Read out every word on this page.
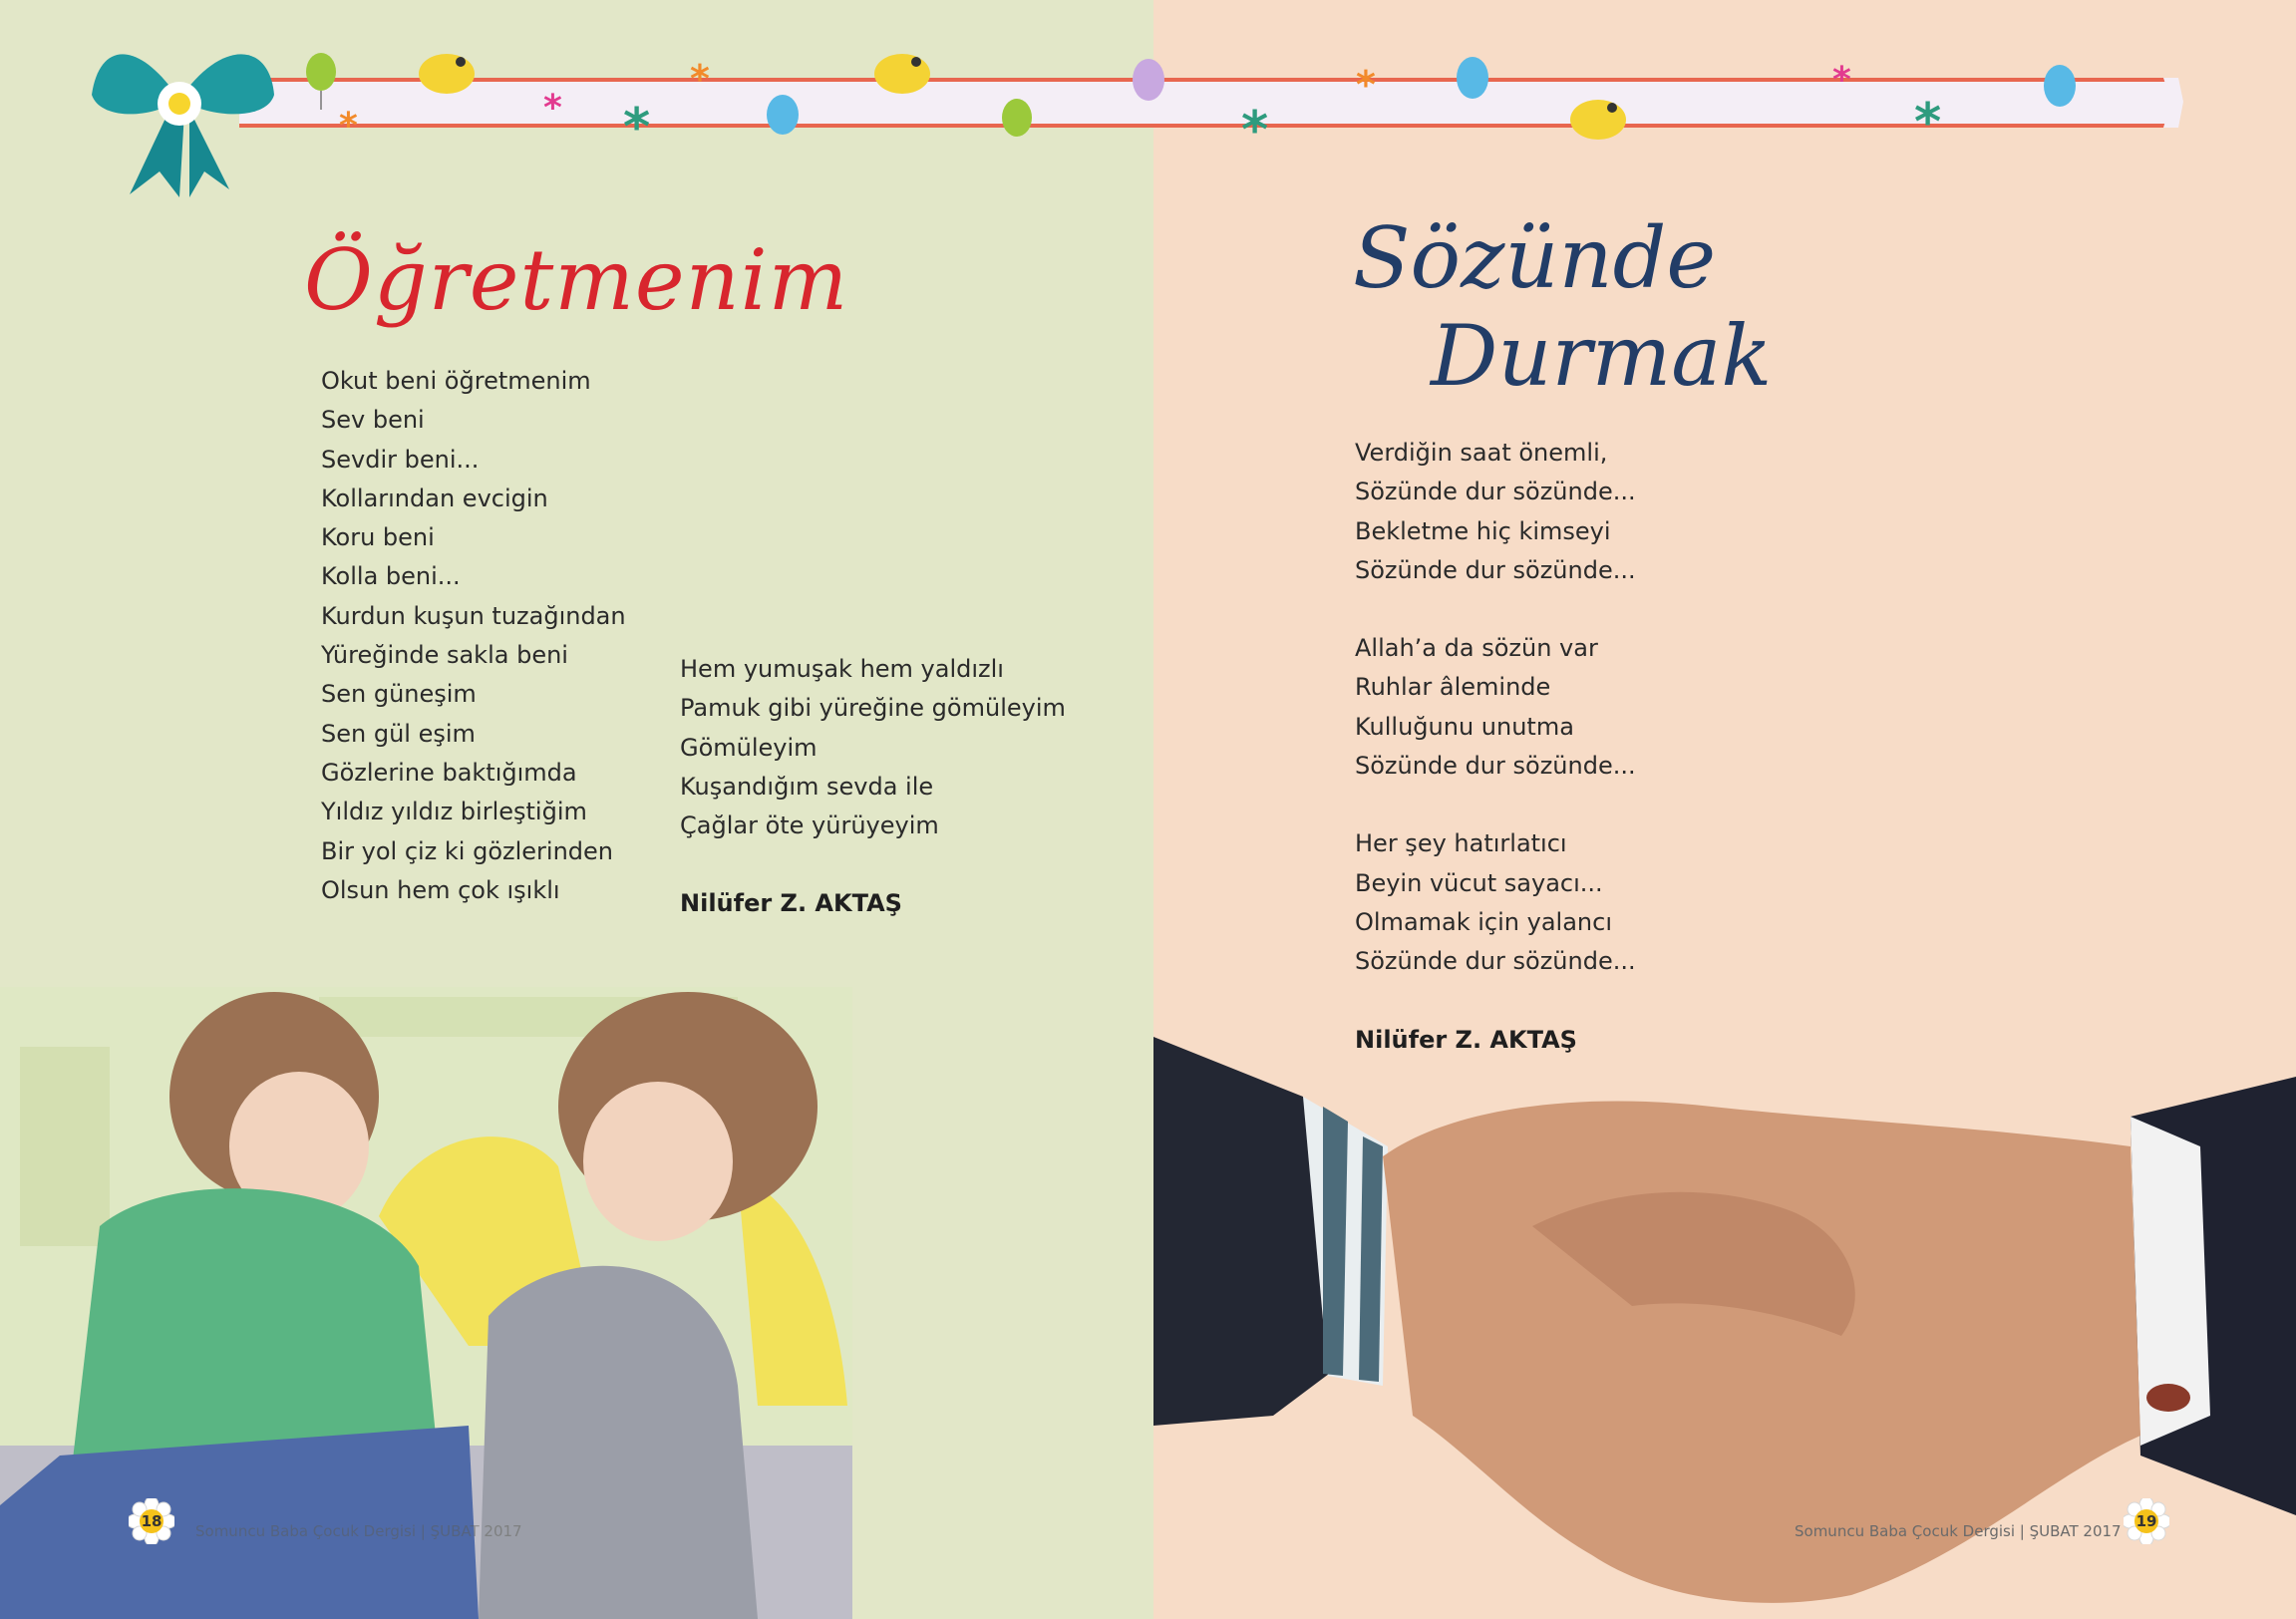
*	* *
*	*
*
*
*
Öğretmenim
Okut beni öğretmenim
Sev beni
Sevdir beni...
Kollarından evcigin
Koru beni
Kolla beni...
Kurdun kuşun tuzağından
Yüreğinde sakla beni
Sen güneşim
Sen gül eşim
Gözlerine baktığımda
Yıldız yıldız birleştiğim
Bir yol çiz ki gözlerinden
Olsun hem çok ışıklı
Hem yumuşak hem yaldızlı
Pamuk gibi yüreğine gömüleyim
Gömüleyim
Kuşandığım sevda ile
Çağlar öte yürüyeyim

Nilüfer Z. AKTAŞ

Sözünde
Durmak
Verdiğin saat önemli,
Sözünde dur sözünde...
Bekletme hiç kimseyi
Sözünde dur sözünde...
Allah’a da sözün var
Ruhlar âleminde
Kulluğunu unutma
Sözünde dur sözünde...
Her şey hatırlatıcı
Beyin vücut sayacı...
Olmamak için yalancı
Sözünde dur sözünde...

Nilüfer Z. AKTAŞ

18
Somuncu Baba Çocuk Dergisi | ŞUBAT 2017
19
Somuncu Baba Çocuk Dergisi | ŞUBAT 2017
